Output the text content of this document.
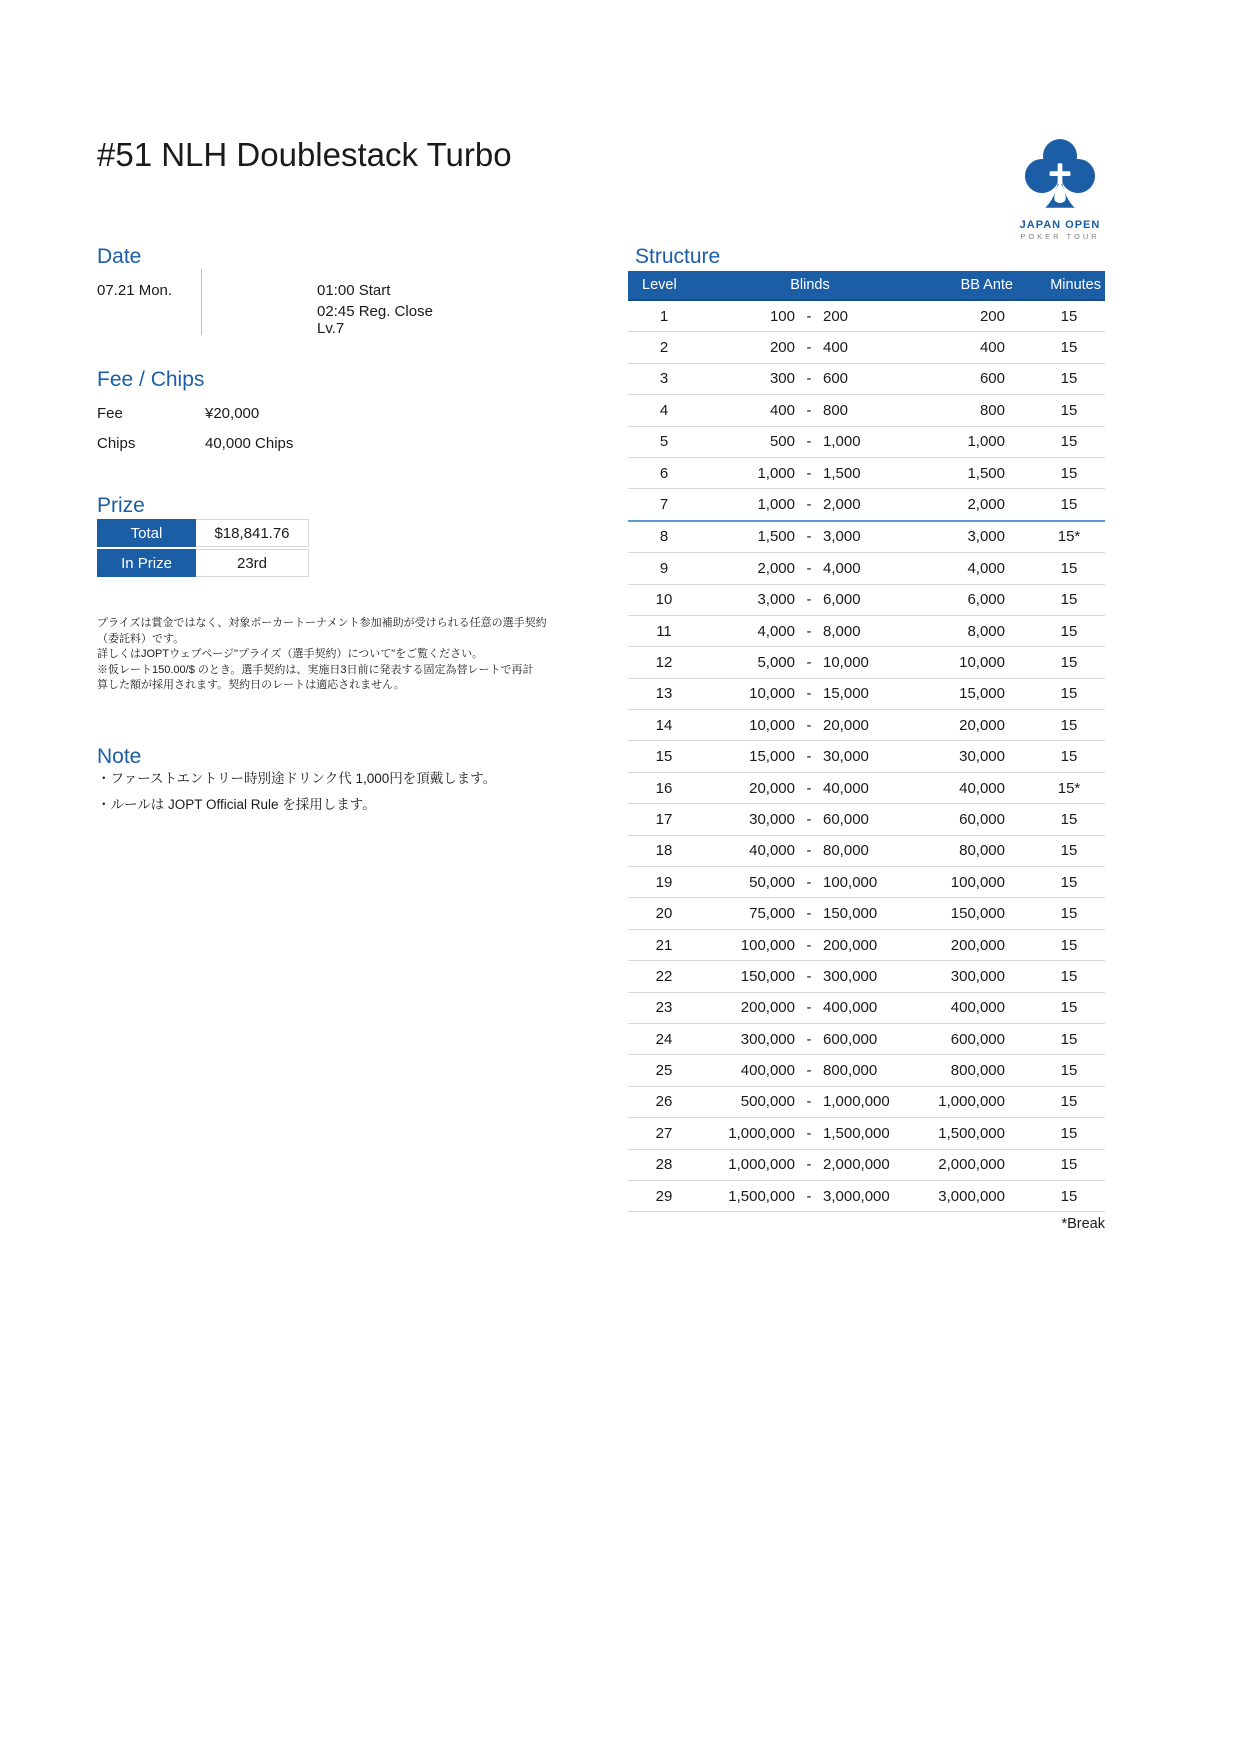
#51 NLH Doublestack Turbo
JAPAN OPEN
POKER TOUR
Date
07.21 Mon.	01:00 Start
02:45 Reg. Close Lv.7
Fee / Chips
Fee	¥20,000
Chips	40,000 Chips
Prize
Total	$18,841.76
In Prize	23rd
プライズは賞金ではなく、対象ポーカートーナメント参加補助が受けられる任意の選手契約
（委託料）です。
詳しくはJOPTウェブページ"プライズ（選手契約）について"をご覧ください。
※仮レート150.00/$ のとき。選手契約は、実施日3日前に発表する固定為替レートで再計
算した額が採用されます。契約日のレートは適応されません。
Note
・ファーストエントリー時別途ドリンク代 1,000円を頂戴します。
・ルールは JOPT Official Rule を採用します。
Structure
Level	Blinds	BB Ante	Minutes
1	100 - 200	200	15
2	200 - 400	400	15
3	300 - 600	600	15
4	400 - 800	800	15
5	500 - 1,000	1,000	15
6	1,000 - 1,500	1,500	15
7	1,000 - 2,000	2,000	15
8	1,500 - 3,000	3,000	15*
9	2,000 - 4,000	4,000	15
10	3,000 - 6,000	6,000	15
11	4,000 - 8,000	8,000	15
12	5,000 - 10,000	10,000	15
13	10,000 - 15,000	15,000	15
14	10,000 - 20,000	20,000	15
15	15,000 - 30,000	30,000	15
16	20,000 - 40,000	40,000	15*
17	30,000 - 60,000	60,000	15
18	40,000 - 80,000	80,000	15
19	50,000 - 100,000	100,000	15
20	75,000 - 150,000	150,000	15
21	100,000 - 200,000	200,000	15
22	150,000 - 300,000	300,000	15
23	200,000 - 400,000	400,000	15
24	300,000 - 600,000	600,000	15
25	400,000 - 800,000	800,000	15
26	500,000 - 1,000,000	1,000,000	15
27	1,000,000 - 1,500,000	1,500,000	15
28	1,000,000 - 2,000,000	2,000,000	15
29	1,500,000 - 3,000,000	3,000,000	15
*Break
